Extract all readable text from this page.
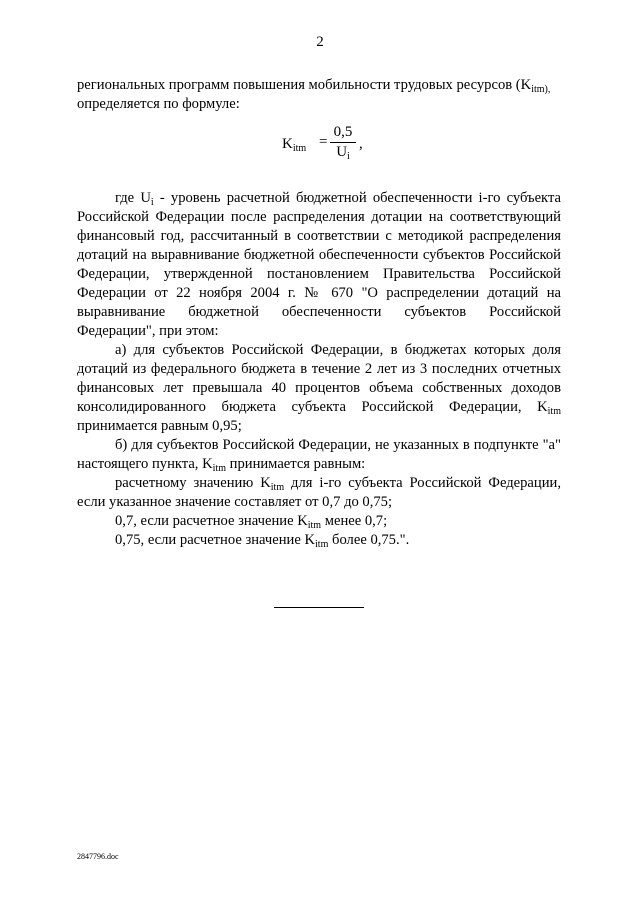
2

региональных программ повышения мобильности трудовых ресурсов ($K_{itm),}$

определяется по формуле:

$K_{itm} = \frac{0,5}{U_i}$ ,

где $U_i$ - уровень расчетной бюджетной обеспеченности i-го субъекта Российской Федерации после распределения дотации на соответствующий финансовый год, рассчитанный в соответствии с методикой распределения дотаций на выравнивание бюджетной обеспеченности субъектов Российской Федерации, утвержденной постановлением Правительства Российской Федерации от 22 ноября 2004 г. № 670 "О распределении дотаций на выравнивание бюджетной обеспеченности субъектов Российской Федерации", при этом:

а) для субъектов Российской Федерации, в бюджетах которых доля дотаций из федерального бюджета в течение 2 лет из 3 последних отчетных финансовых лет превышала 40 процентов объема собственных доходов консолидированного бюджета субъекта Российской Федерации, $K_{itm}$ принимается равным 0,95;

б) для субъектов Российской Федерации, не указанных в подпункте "а" настоящего пункта, $K_{itm}$ принимается равным:

расчетному значению $K_{itm}$ для i-го субъекта Российской Федерации, если указанное значение составляет от 0,7 до 0,75;

0,7, если расчетное значение $K_{itm}$ менее 0,7;

0,75, если расчетное значение $K_{itm}$ более 0,75.".

2847796.doc
